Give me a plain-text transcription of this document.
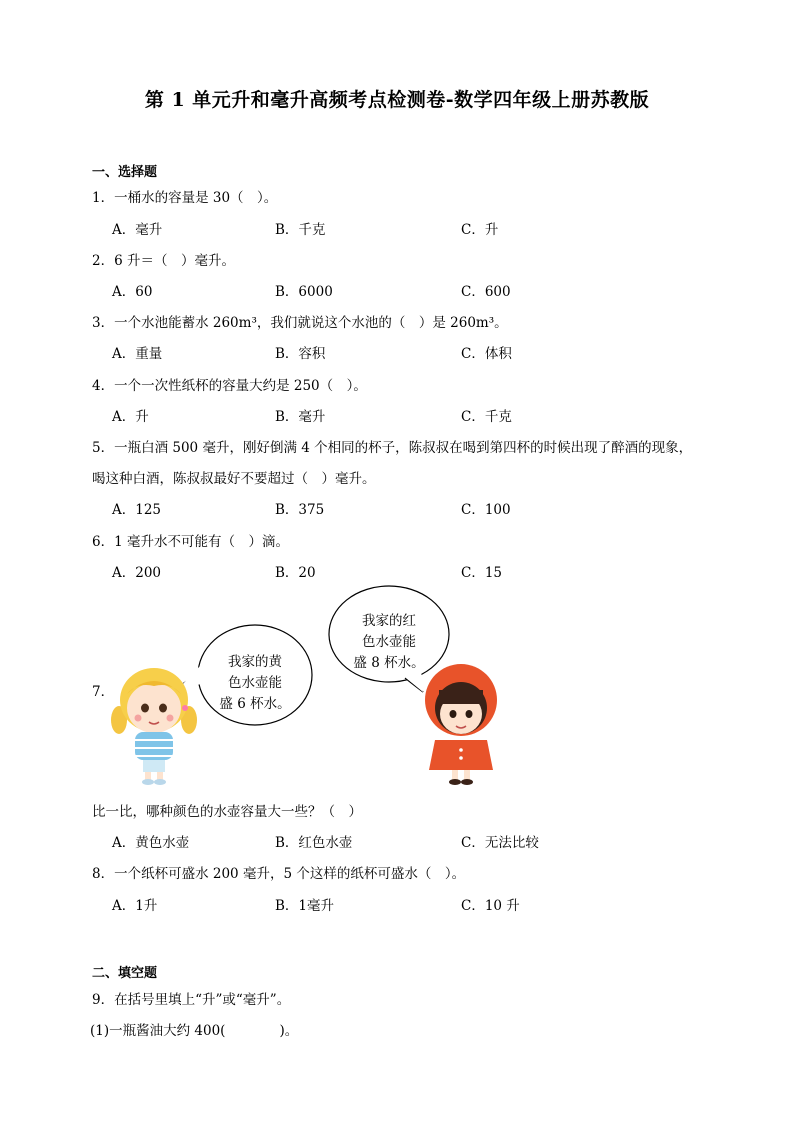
第 1 单元升和毫升高频考点检测卷-数学四年级上册苏教版
一、选择题
1．一桶水的容量是 30（　）。
A．毫升	B．千克	C．升
2．6 升＝（　）毫升。
A．60	B．6000	C．600
3．一个水池能蓄水 260m³，我们就说这个水池的（　）是 260m³。
A．重量	B．容积	C．体积
4．一个一次性纸杯的容量大约是 250（　）。
A．升	B．毫升	C．千克
5．一瓶白酒 500 毫升，刚好倒满 4 个相同的杯子，陈叔叔在喝到第四杯的时候出现了醉酒的现象，
喝这种白酒，陈叔叔最好不要超过（　）毫升。
A．125	B．375	C．100
6．1 毫升水不可能有（　）滴。
A．200	B．20	C．15
7．
我家的黄
色水壶能
盛 6 杯水。
我家的红
色水壶能
盛 8 杯水。
比一比，哪种颜色的水壶容量大一些？（　）
A．黄色水壶	B．红色水壶	C．无法比较
8．一个纸杯可盛水 200 毫升，5 个这样的纸杯可盛水（　）。
A．1升	B．1毫升	C．10 升
二、填空题
9．在括号里填上“升”或“毫升”。
(1)一瓶酱油大约 400(　　　　)。
